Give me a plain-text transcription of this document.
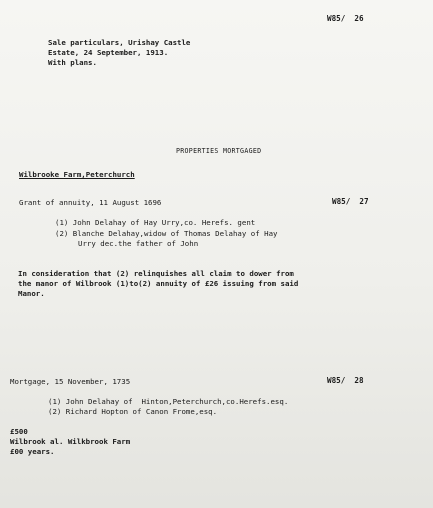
W85/  26
Sale particulars, Urishay Castle
Estate, 24 September, 1913.
With plans.
PROPERTIES MORTGAGED
Wilbrooke Farm,Peterchurch
Grant of annuity, 11 August 1696	W85/  27
(1) John Delahay of Hay Urry,co. Herefs. gent
(2) Blanche Delahay,widow of Thomas Delahay of Hay
Urry dec.the father of John
In consideration that (2) relinquishes all claim to dower from
the manor of Wilbrook (1)to(2) annuity of £26 issuing from said
Manor.
Mortgage, 15 November, 1735	W85/  28
(1) John Delahay of  Hinton,Peterchurch,co.Herefs.esq.
(2) Richard Hopton of Canon Frome,esq.
£500
Wilbrook al. Wilkbrook Farm
£00 years.
